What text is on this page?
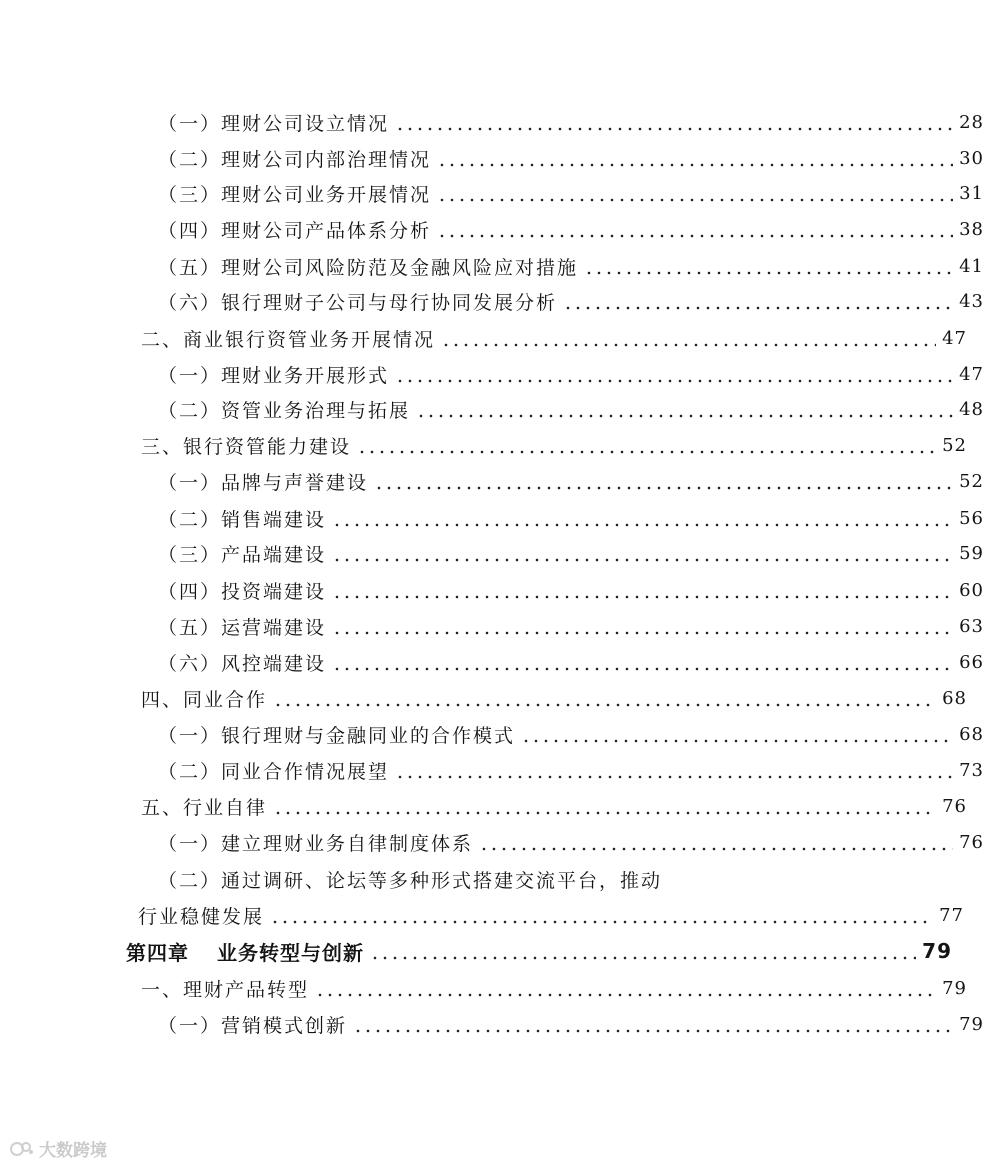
（一）理财公司设立情况	28
（二）理财公司内部治理情况	30
（三）理财公司业务开展情况	31
（四）理财公司产品体系分析	38
（五）理财公司风险防范及金融风险应对措施	41
（六）银行理财子公司与母行协同发展分析	43
二、商业银行资管业务开展情况	47
（一）理财业务开展形式	47
（二）资管业务治理与拓展	48
三、银行资管能力建设	52
（一）品牌与声誉建设	52
（二）销售端建设	56
（三）产品端建设	59
（四）投资端建设	60
（五）运营端建设	63
（六）风控端建设	66
四、同业合作	68
（一）银行理财与金融同业的合作模式	68
（二）同业合作情况展望	73
五、行业自律	76
（一）建立理财业务自律制度体系	76
（二）通过调研、论坛等多种形式搭建交流平台，推动
行业稳健发展	77
第四章 业务转型与创新	79
一、理财产品转型	79
（一）营销模式创新	79
大数跨境
